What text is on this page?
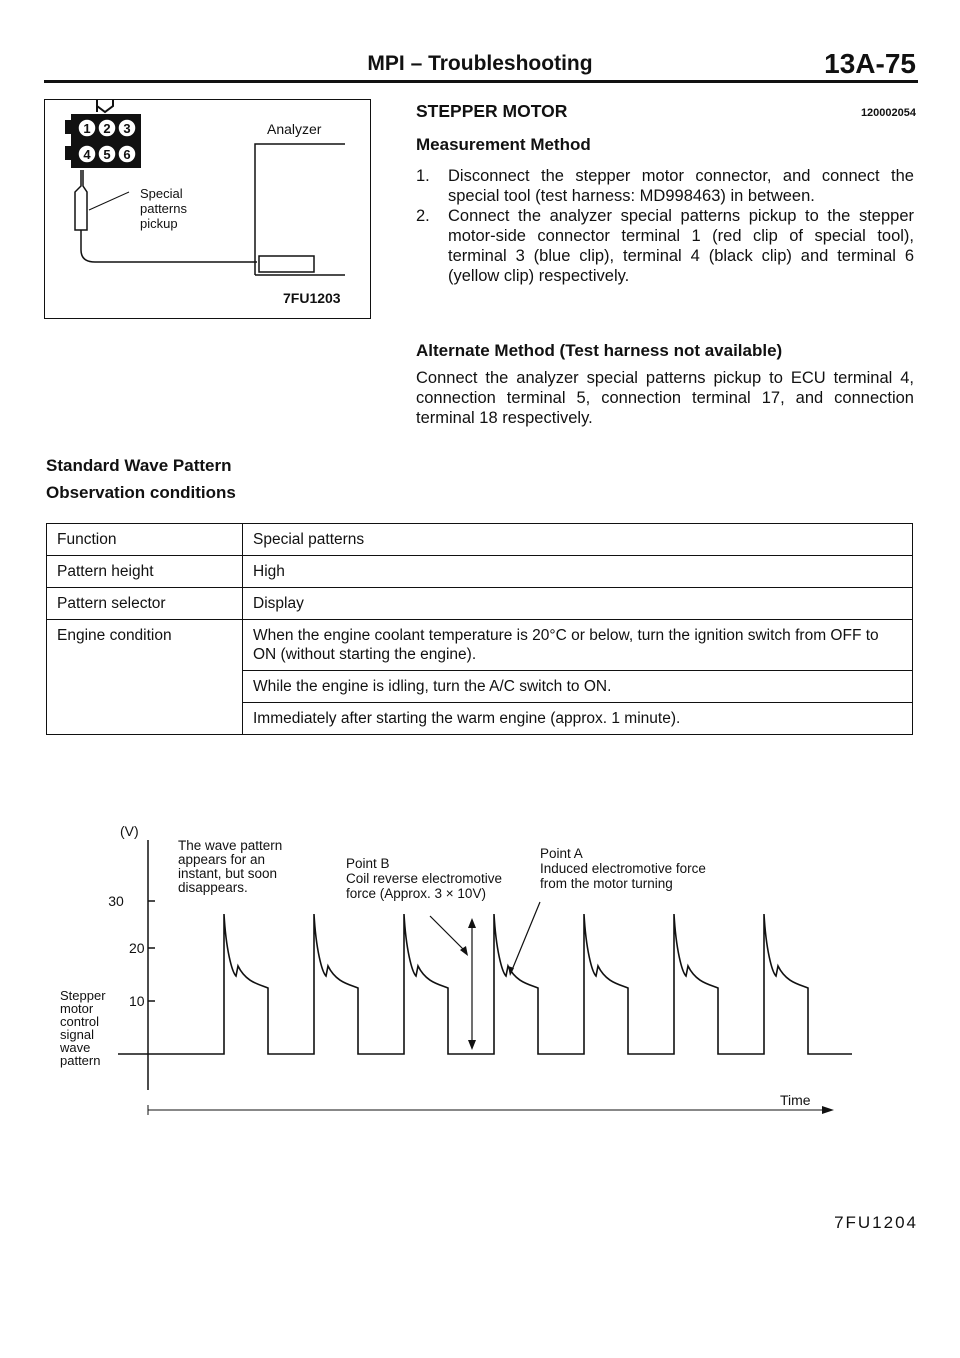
MPI – Troubleshooting	13A-75
1 2 3
4 5 6
Analyzer
Special
patterns
pickup
7FU1203
STEPPER MOTOR	120002054
Measurement Method
1.	Disconnect the stepper motor connector, and connect the special tool (test harness: MD998463) in between.
2.	Connect the analyzer special patterns pickup to the stepper motor-side connector terminal 1 (red clip of special tool), terminal 3 (blue clip), terminal 4 (black clip) and terminal 6 (yellow clip) respectively.
Alternate Method (Test harness not available)
Connect the analyzer special patterns pickup to ECU terminal 4, connection terminal 5, connection terminal 17, and connection terminal 18 respectively.
Standard Wave Pattern
Observation conditions
Function	Special patterns
Pattern height	High
Pattern selector	Display
Engine condition	When the engine coolant temperature is 20°C or below, turn the ignition switch from OFF to ON (without starting the engine).
	While the engine is idling, turn the A/C switch to ON.
	Immediately after starting the warm engine (approx. 1 minute).
(V)
30
20
10
The wave pattern
appears for an
instant, but soon
disappears.
Point B
Coil reverse electromotive
force (Approx. 3 × 10V)
Point A
Induced electromotive force
from the motor turning
Stepper
motor
control
signal
wave
pattern
Time
7FU1204
